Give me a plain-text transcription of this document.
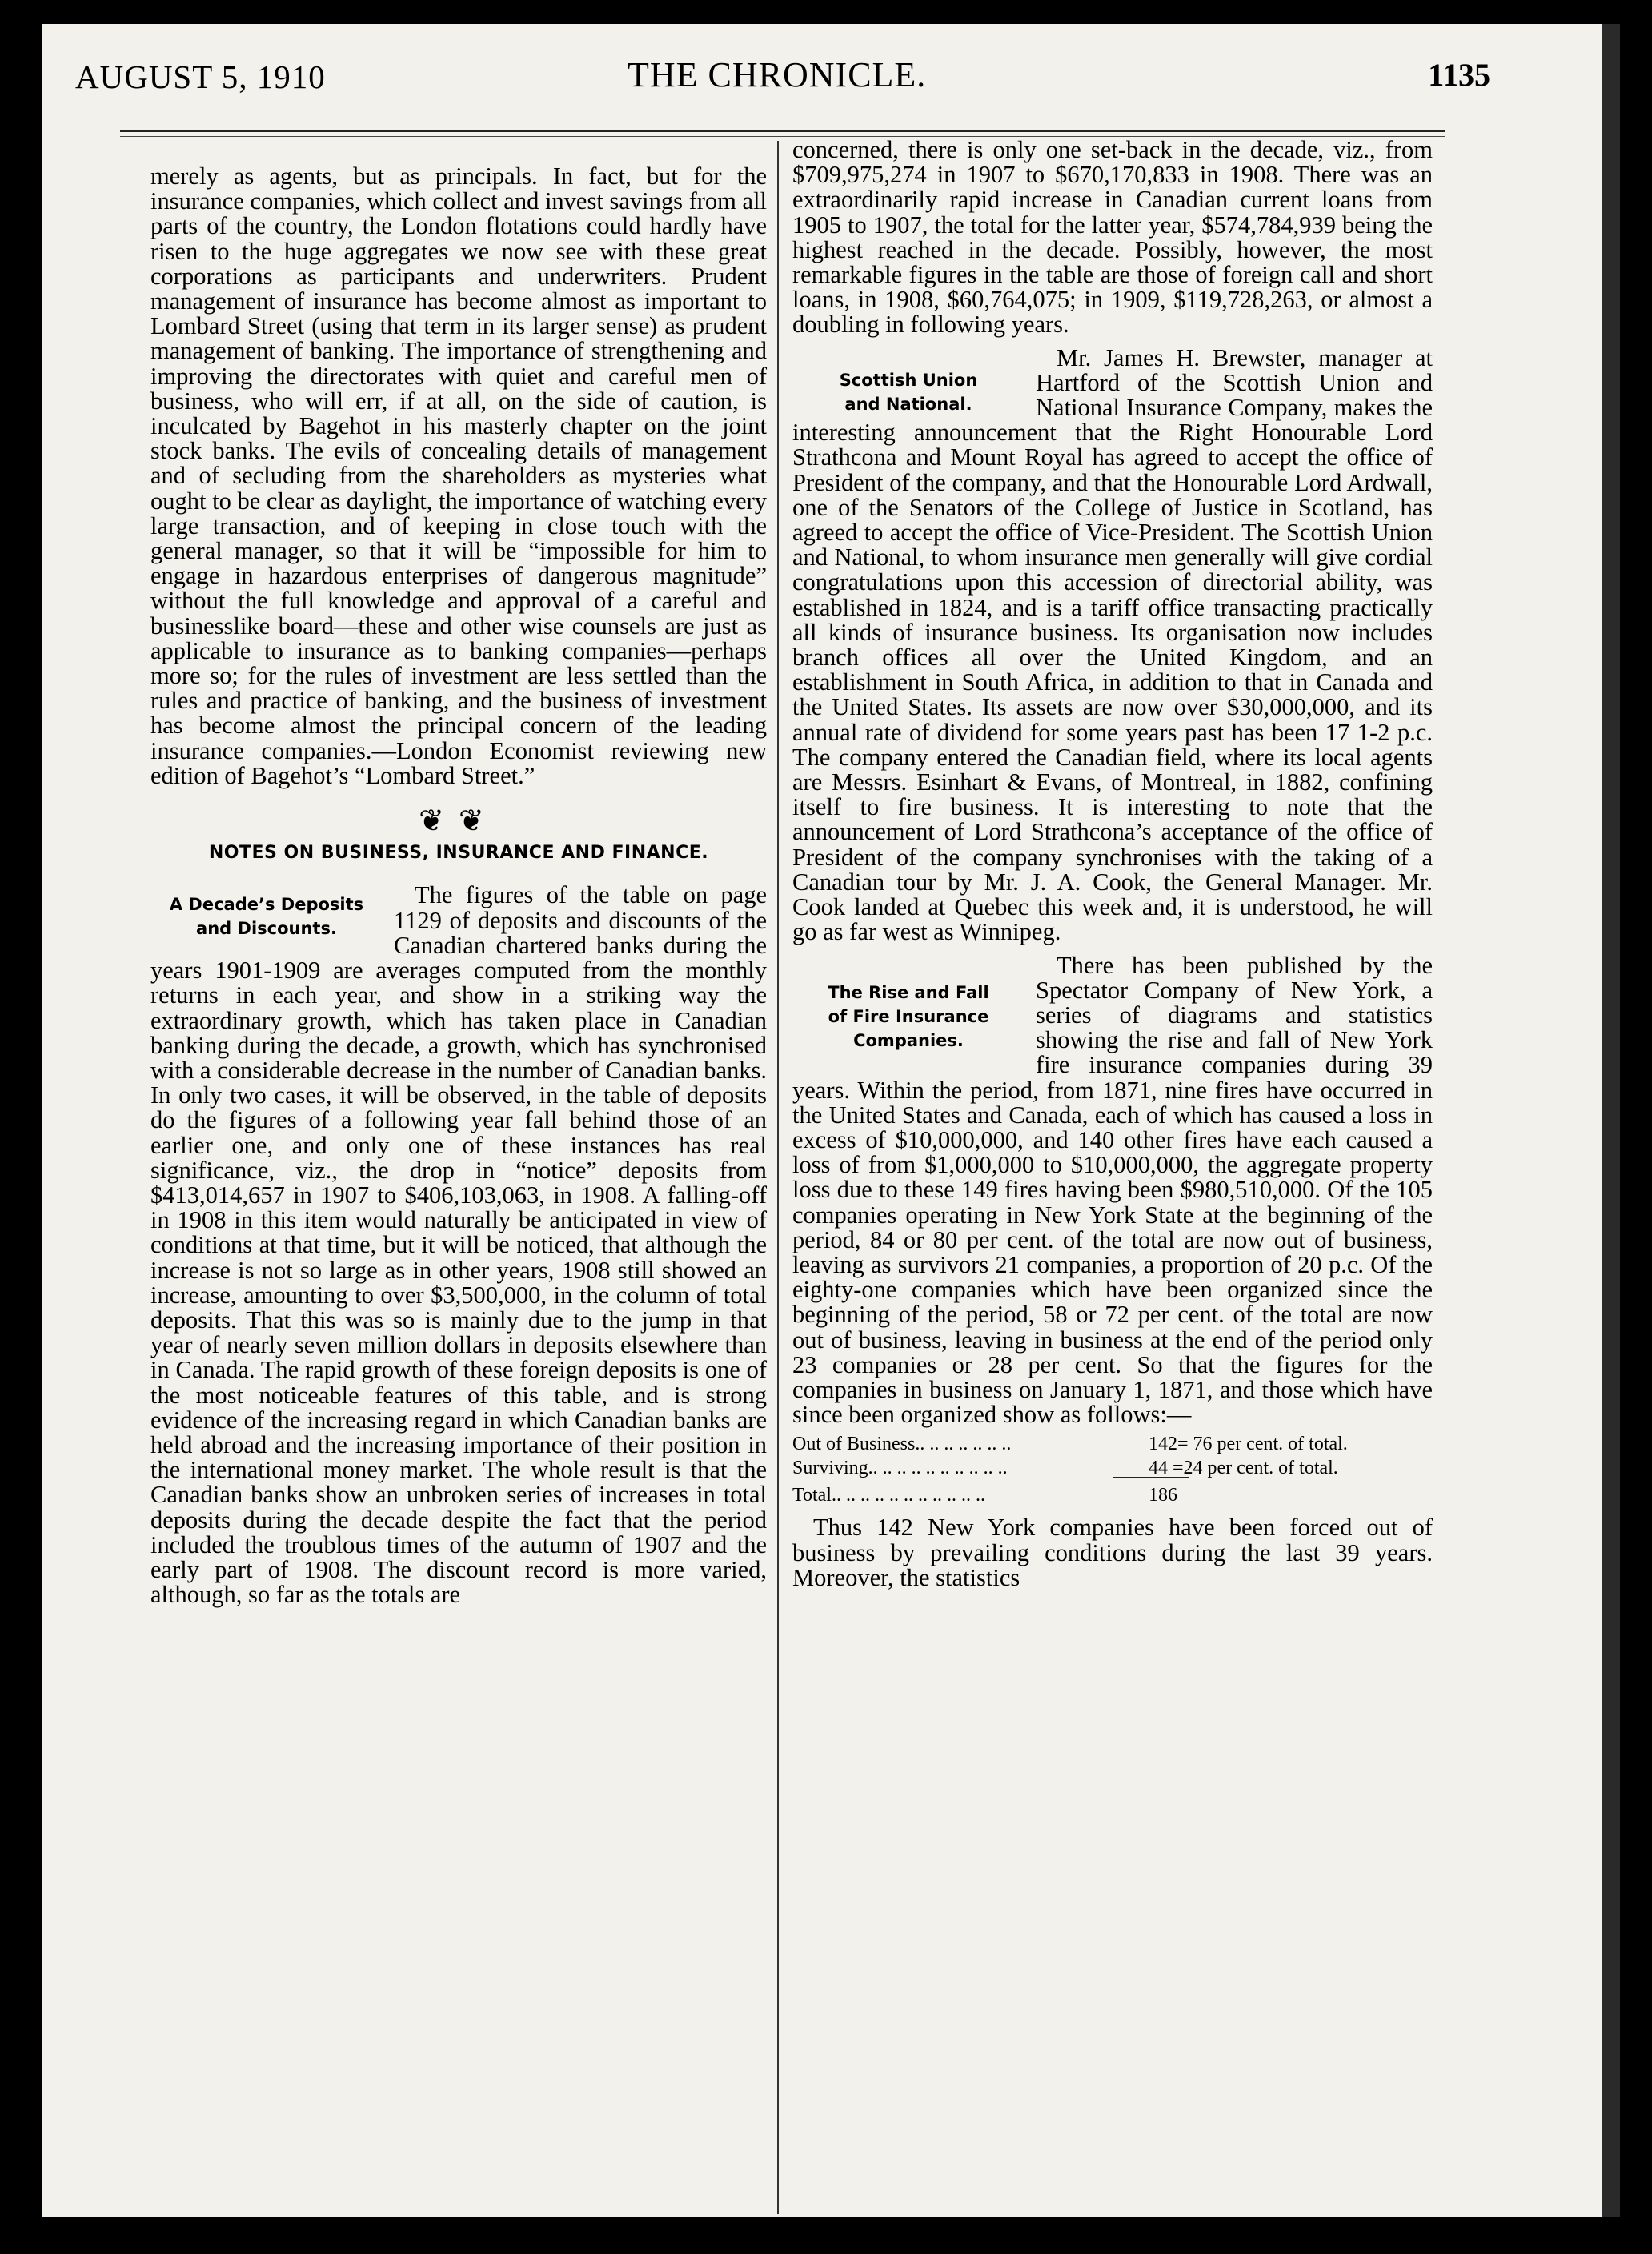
AUGUST 5, 1910	THE CHRONICLE.	1135

merely as agents, but as principals. In fact, but for the insurance companies, which collect and invest savings from all parts of the country, the London flotations could hardly have risen to the huge aggregates we now see with these great corporations as participants and underwriters. Prudent management of insurance has become almost as important to Lombard Street (using that term in its larger sense) as prudent management of banking. The importance of strengthening and improving the directorates with quiet and careful men of business, who will err, if at all, on the side of caution, is inculcated by Bagehot in his masterly chapter on the joint stock banks. The evils of concealing details of management and of secluding from the shareholders as mysteries what ought to be clear as daylight, the importance of watching every large transaction, and of keeping in close touch with the general manager, so that it will be “impossible for him to engage in hazardous enterprises of dangerous magnitude” without the full knowledge and approval of a careful and businesslike board—these and other wise counsels are just as applicable to insurance as to banking companies—perhaps more so; for the rules of investment are less settled than the rules and practice of banking, and the business of investment has become almost the principal concern of the leading insurance companies.—London Economist reviewing new edition of Bagehot’s “Lombard Street.”

❦❦

NOTES ON BUSINESS, INSURANCE AND FINANCE.

A Decade’s Deposits
and Discounts.

The figures of the table on page 1129 of deposits and discounts of the Canadian chartered banks during the years 1901-1909 are averages computed from the monthly returns in each year, and show in a striking way the extraordinary growth, which has taken place in Canadian banking during the decade, a growth, which has synchronised with a considerable decrease in the number of Canadian banks. In only two cases, it will be observed, in the table of deposits do the figures of a following year fall behind those of an earlier one, and only one of these instances has real significance, viz., the drop in “notice” deposits from $413,014,657 in 1907 to $406,103,063, in 1908. A falling-off in 1908 in this item would naturally be anticipated in view of conditions at that time, but it will be noticed, that although the increase is not so large as in other years, 1908 still showed an increase, amounting to over $3,500,000, in the column of total deposits. That this was so is mainly due to the jump in that year of nearly seven million dollars in deposits elsewhere than in Canada. The rapid growth of these foreign deposits is one of the most noticeable features of this table, and is strong evidence of the increasing regard in which Canadian banks are held abroad and the increasing importance of their position in the international money market. The whole result is that the Canadian banks show an unbroken series of increases in total deposits during the decade despite the fact that the period included the troublous times of the autumn of 1907 and the early part of 1908. The discount record is more varied, although, so far as the totals are

concerned, there is only one set-back in the decade, viz., from $709,975,274 in 1907 to $670,170,833 in 1908. There was an extraordinarily rapid increase in Canadian current loans from 1905 to 1907, the total for the latter year, $574,784,939 being the highest reached in the decade. Possibly, however, the most remarkable figures in the table are those of foreign call and short loans, in 1908, $60,764,075; in 1909, $119,728,263, or almost a doubling in following years.

Scottish Union
and National.

Mr. James H. Brewster, manager at Hartford of the Scottish Union and National Insurance Company, makes the interesting announcement that the Right Honourable Lord Strathcona and Mount Royal has agreed to accept the office of President of the company, and that the Honourable Lord Ardwall, one of the Senators of the College of Justice in Scotland, has agreed to accept the office of Vice-President. The Scottish Union and National, to whom insurance men generally will give cordial congratulations upon this accession of directorial ability, was established in 1824, and is a tariff office transacting practically all kinds of insurance business. Its organisation now includes branch offices all over the United Kingdom, and an establishment in South Africa, in addition to that in Canada and the United States. Its assets are now over $30,000,000, and its annual rate of dividend for some years past has been 17 1-2 p.c. The company entered the Canadian field, where its local agents are Messrs. Esinhart & Evans, of Montreal, in 1882, confining itself to fire business. It is interesting to note that the announcement of Lord Strathcona’s acceptance of the office of President of the company synchronises with the taking of a Canadian tour by Mr. J. A. Cook, the General Manager. Mr. Cook landed at Quebec this week and, it is understood, he will go as far west as Winnipeg.

The Rise and Fall
of Fire Insurance
Companies.

There has been published by the Spectator Company of New York, a series of diagrams and statistics showing the rise and fall of New York fire insurance companies during 39 years. Within the period, from 1871, nine fires have occurred in the United States and Canada, each of which has caused a loss in excess of $10,000,000, and 140 other fires have each caused a loss of from $1,000,000 to $10,000,000, the aggregate property loss due to these 149 fires having been $980,510,000. Of the 105 companies operating in New York State at the beginning of the period, 84 or 80 per cent. of the total are now out of business, leaving as survivors 21 companies, a proportion of 20 p.c. Of the eighty-one companies which have been organized since the beginning of the period, 58 or 72 per cent. of the total are now out of business, leaving in business at the end of the period only 23 companies or 28 per cent. So that the figures for the companies in business on January 1, 1871, and those which have since been organized show as follows:—

Out of Business.. .. .. .. .. .. ..	142= 76 per cent. of total.
Surviving.. .. .. .. .. .. .. .. .. ..	44 =24 per cent. of total.
Total.. .. .. .. .. .. .. .. .. .. ..	186

Thus 142 New York companies have been forced out of business by prevailing conditions during the last 39 years. Moreover, the statistics
